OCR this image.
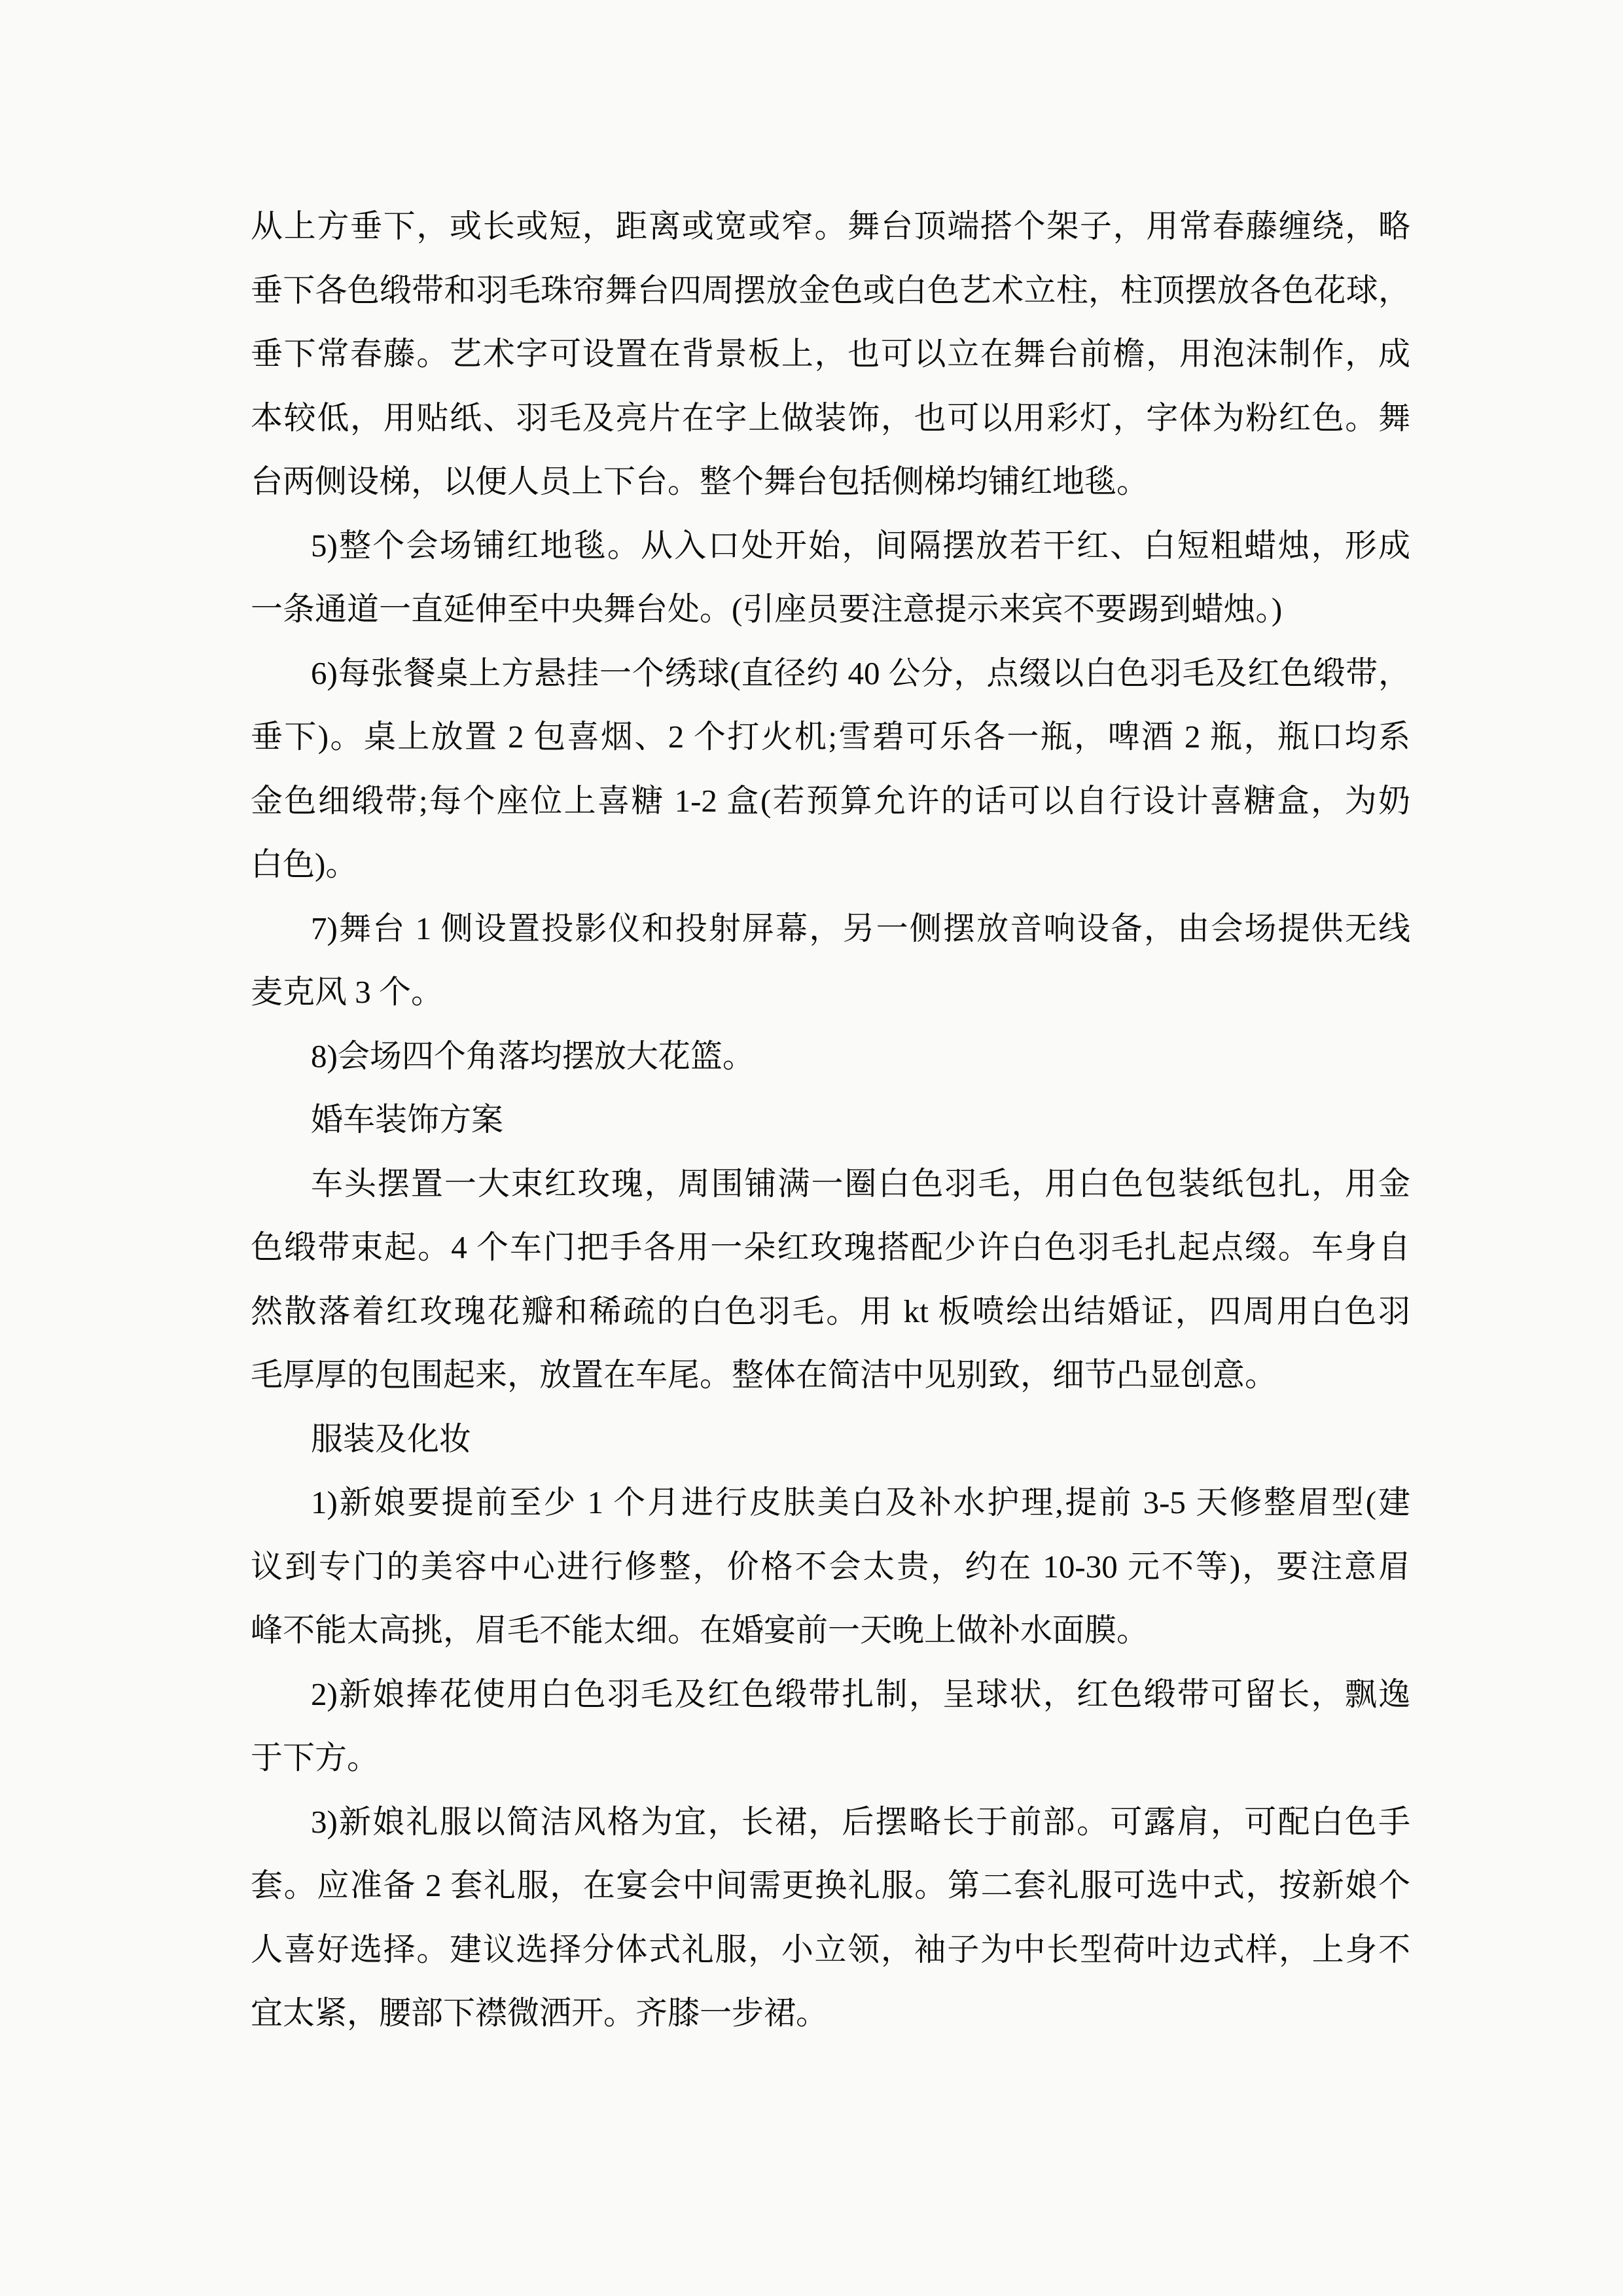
从上方垂下，或长或短，距离或宽或窄。舞台顶端搭个架子，用常春藤缠绕，略
垂下各色缎带和羽毛珠帘舞台四周摆放金色或白色艺术立柱，柱顶摆放各色花球，
垂下常春藤。艺术字可设置在背景板上，也可以立在舞台前檐，用泡沫制作，成
本较低，用贴纸、羽毛及亮片在字上做装饰，也可以用彩灯，字体为粉红色。舞
台两侧设梯，以便人员上下台。整个舞台包括侧梯均铺红地毯。
5)整个会场铺红地毯。从入口处开始，间隔摆放若干红、白短粗蜡烛，形成
一条通道一直延伸至中央舞台处。(引座员要注意提示来宾不要踢到蜡烛。)
6)每张餐桌上方悬挂一个绣球(直径约 40 公分，点缀以白色羽毛及红色缎带，
垂下)。桌上放置 2 包喜烟、2 个打火机;雪碧可乐各一瓶，啤酒 2 瓶，瓶口均系
金色细缎带;每个座位上喜糖 1-2 盒(若预算允许的话可以自行设计喜糖盒，为奶
白色)。
7)舞台 1 侧设置投影仪和投射屏幕，另一侧摆放音响设备，由会场提供无线
麦克风 3 个。
8)会场四个角落均摆放大花篮。
婚车装饰方案
车头摆置一大束红玫瑰，周围铺满一圈白色羽毛，用白色包装纸包扎，用金
色缎带束起。4 个车门把手各用一朵红玫瑰搭配少许白色羽毛扎起点缀。车身自
然散落着红玫瑰花瓣和稀疏的白色羽毛。用 kt 板喷绘出结婚证，四周用白色羽
毛厚厚的包围起来，放置在车尾。整体在简洁中见别致，细节凸显创意。
服装及化妆
1)新娘要提前至少 1 个月进行皮肤美白及补水护理,提前 3-5 天修整眉型(建
议到专门的美容中心进行修整，价格不会太贵，约在 10-30 元不等)，要注意眉
峰不能太高挑，眉毛不能太细。在婚宴前一天晚上做补水面膜。
2)新娘捧花使用白色羽毛及红色缎带扎制，呈球状，红色缎带可留长，飘逸
于下方。
3)新娘礼服以简洁风格为宜，长裙，后摆略长于前部。可露肩，可配白色手
套。应准备 2 套礼服，在宴会中间需更换礼服。第二套礼服可选中式，按新娘个
人喜好选择。建议选择分体式礼服，小立领，袖子为中长型荷叶边式样，上身不
宜太紧，腰部下襟微洒开。齐膝一步裙。
